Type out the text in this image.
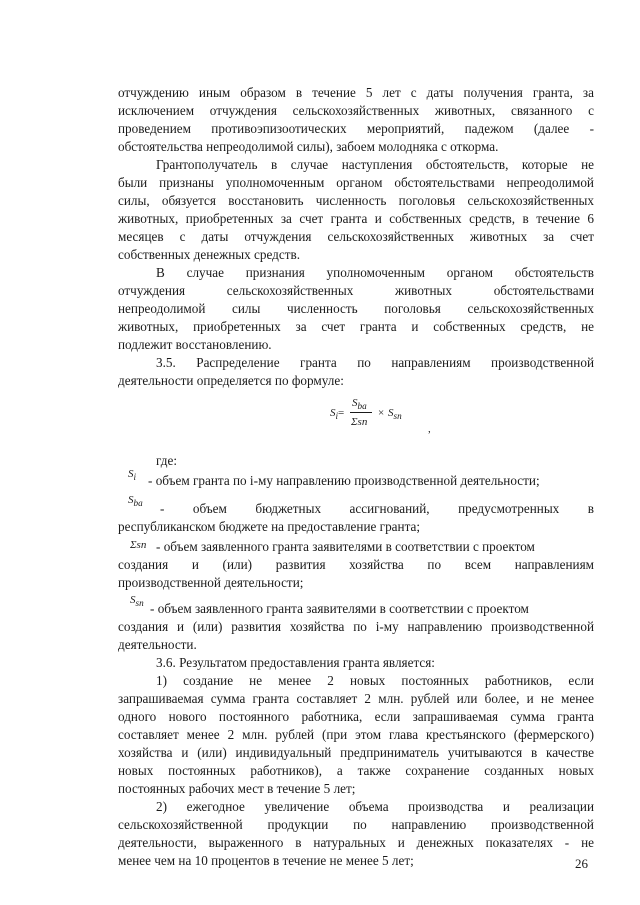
отчуждению иным образом в течение 5 лет с даты получения гранта, за
исключением отчуждения сельскохозяйственных животных, связанного с
проведением противоэпизоотических мероприятий, падежом (далее -
обстоятельства непреодолимой силы), забоем молодняка с откорма.
Грантополучатель в случае наступления обстоятельств, которые не
были признаны уполномоченным органом обстоятельствами непреодолимой
силы, обязуется восстановить численность поголовья сельскохозяйственных
животных, приобретенных за счет гранта и собственных средств, в течение 6
месяцев с даты отчуждения сельскохозяйственных животных за счет
собственных денежных средств.
В случае признания уполномоченным органом обстоятельств
отчуждения сельскохозяйственных животных обстоятельствами
непреодолимой силы численность поголовья сельскохозяйственных
животных, приобретенных за счет гранта и собственных средств, не
подлежит восстановлению.
3.5. Распределение гранта по направлениям производственной
деятельности определяется по формуле:
$S_i=$
$S_{ba}$
Σsn
× $S_{sn}$
,
где:
$S_i$ - объем гранта по i-му направлению производственной деятельности;
$S_{ba}$ - объем бюджетных ассигнований, предусмотренных в
республиканском бюджете на предоставление гранта;
Σsn - объем заявленного гранта заявителями в соответствии с проектом
создания и (или) развития хозяйства по всем направлениям
производственной деятельности;
$S_{sn}$ - объем заявленного гранта заявителями в соответствии с проектом
создания и (или) развития хозяйства по i-му направлению производственной
деятельности.
3.6. Результатом предоставления гранта является:
1) создание не менее 2 новых постоянных работников, если
запрашиваемая сумма гранта составляет 2 млн. рублей или более, и не менее
одного нового постоянного работника, если запрашиваемая сумма гранта
составляет менее 2 млн. рублей (при этом глава крестьянского (фермерского)
хозяйства и (или) индивидуальный предприниматель учитываются в качестве
новых постоянных работников), а также сохранение созданных новых
постоянных рабочих мест в течение 5 лет;
2) ежегодное увеличение объема производства и реализации
сельскохозяйственной продукции по направлению производственной
деятельности, выраженного в натуральных и денежных показателях - не
менее чем на 10 процентов в течение не менее 5 лет;	26
